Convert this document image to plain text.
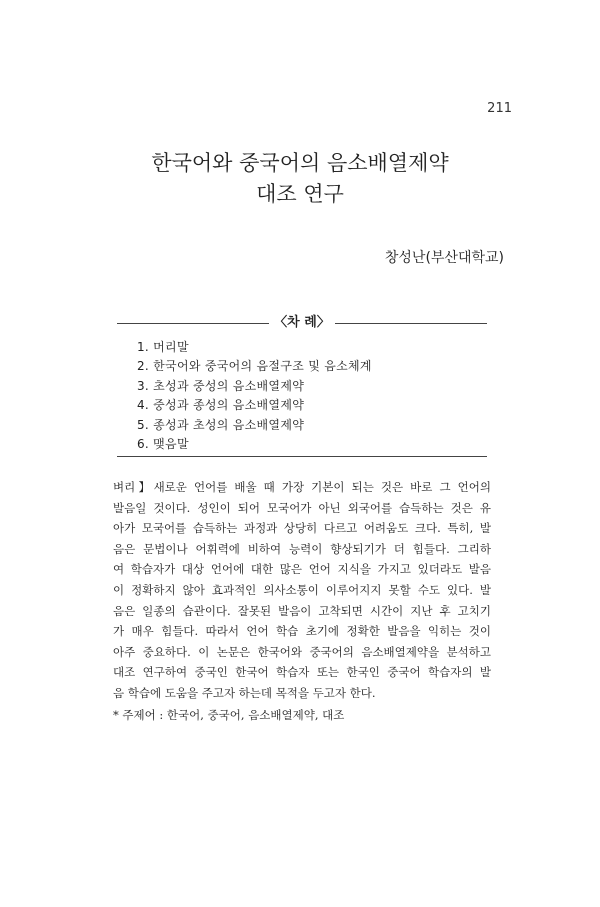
211
한국어와 중국어의 음소배열제약
대조 연구
창성난(부산대학교)
〈차 례〉
1. 머리말
2. 한국어와 중국어의 음절구조 및 음소체계
3. 초성과 중성의 음소배열제약
4. 중성과 종성의 음소배열제약
5. 종성과 초성의 음소배열제약
6. 맺음말
벼리】새로운 언어를 배울 때 가장 기본이 되는 것은 바로 그 언어의
발음일 것이다. 성인이 되어 모국어가 아닌 외국어를 습득하는 것은 유
아가 모국어를 습득하는 과정과 상당히 다르고 어려움도 크다. 특히, 발
음은 문법이나 어휘력에 비하여 능력이 향상되기가 더 힘들다. 그리하
여 학습자가 대상 언어에 대한 많은 언어 지식을 가지고 있더라도 발음
이 정확하지 않아 효과적인 의사소통이 이루어지지 못할 수도 있다. 발
음은 일종의 습관이다. 잘못된 발음이 고착되면 시간이 지난 후 고치기
가 매우 힘들다. 따라서 언어 학습 초기에 정확한 발음을 익히는 것이
아주 중요하다. 이 논문은 한국어와 중국어의 음소배열제약을 분석하고
대조 연구하여 중국인 한국어 학습자 또는 한국인 중국어 학습자의 발
음 학습에 도움을 주고자 하는데 목적을 두고자 한다.
* 주제어 : 한국어, 중국어, 음소배열제약, 대조
